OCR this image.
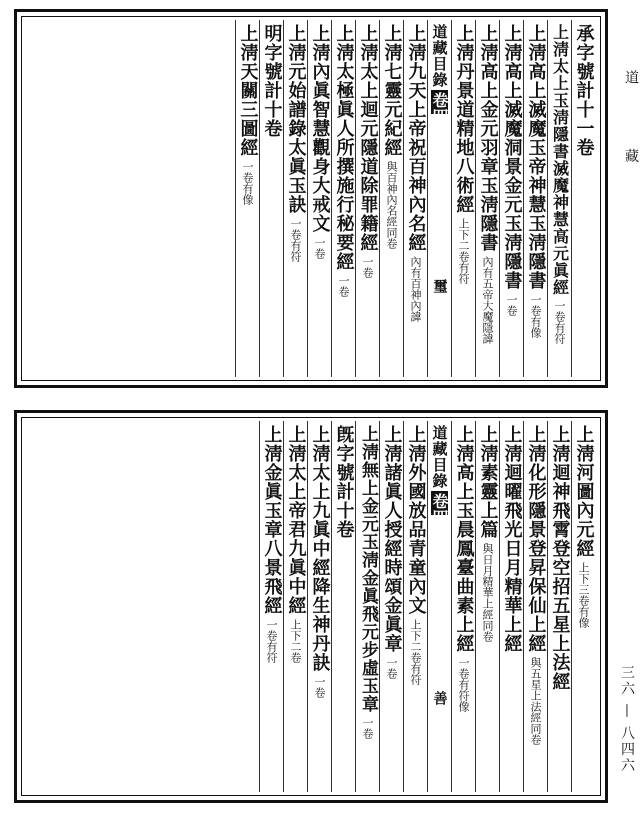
道 藏
三六 — 八四六
承字號計十一卷
上淸太上玉淸隱書滅魔神慧高元眞經
一卷有符
上淸高上滅魔玉帝神慧玉淸隱書
一卷有像
上淸高上滅魔洞景金元玉淸隱書
一卷
上淸高上金元羽章玉淸隱書
內有五帝大魔隱諱
上淸丹景道精地八術經
上下二卷有符
道藏目錄
卷四
璽
上淸九天上帝祝百神內名經
內有百神內諱
上淸七靈元紀經
與百神內名經同卷
上淸太上迴元隱道除罪籍經
一卷
上淸太極眞人所撰施行秘要經
一卷
上淸內眞智慧觀身大戒文
一卷
上淸元始譜錄太眞玉訣
一卷有符
明字號計十卷
上淸天關三圖經
一卷有像
上淸河圖內元經
上下三卷有像
上淸迴神飛霄登空招五星上法經
上淸化形隱景登昇保仙上經
與五星上法經同卷
上淸迴曜飛光日月精華上經
上淸素靈上篇
與日月精華上經同卷
上淸高上玉晨鳳臺曲素上經
一卷有符像
道藏目錄
卷四
善
上淸外國放品青童內文
上下二卷有符
上淸諸眞人授經時頌金眞章
一卷
上淸無上金元玉淸金眞飛元步虛玉章
一卷
旣字號計十卷
上淸太上九眞中經降生神丹訣
一卷
上淸太上帝君九眞中經
上下二卷
上淸金眞玉章八景飛經
一卷有符
